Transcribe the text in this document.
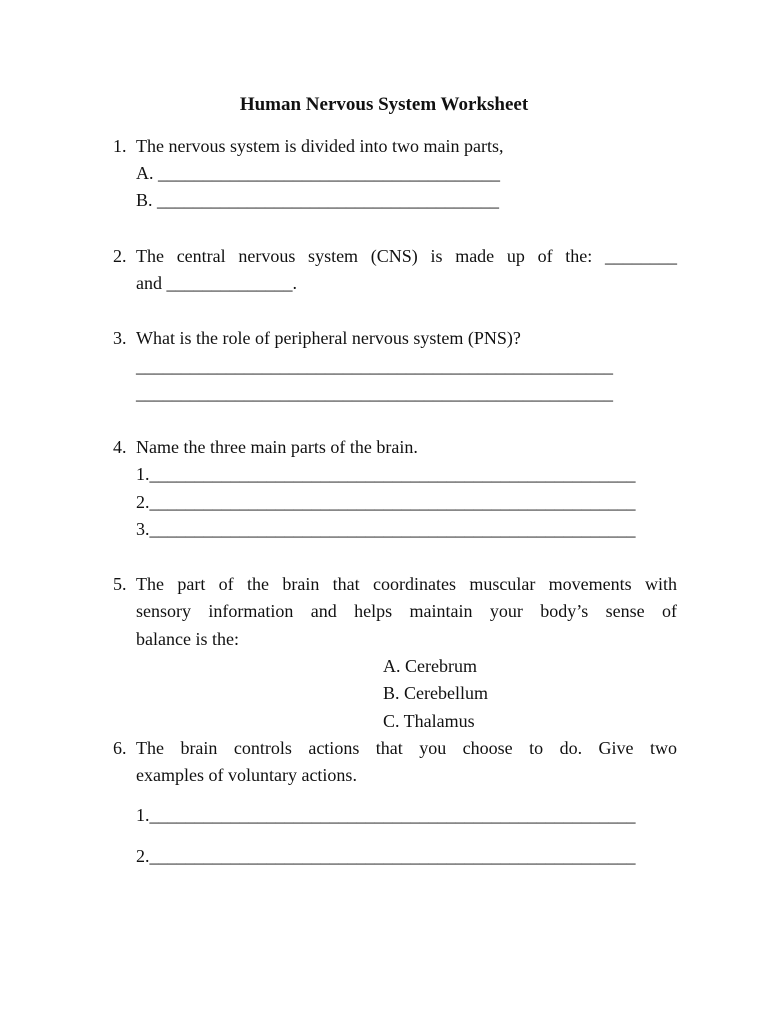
Human Nervous System Worksheet
1. The nervous system is divided into two main parts,
A. ______________________________________
B. ______________________________________
2. The central nervous system (CNS) is made up of the: ________
and ______________.
3. What is the role of peripheral nervous system (PNS)?
_____________________________________________________
_____________________________________________________
4. Name the three main parts of the brain.
1.______________________________________________________
2.______________________________________________________
3.______________________________________________________
5. The part of the brain that coordinates muscular movements with
sensory information and helps maintain your body’s sense of
balance is the:
A. Cerebrum
B. Cerebellum
C. Thalamus
6. The brain controls actions that you choose to do. Give two
examples of voluntary actions.
1.______________________________________________________
2.______________________________________________________
